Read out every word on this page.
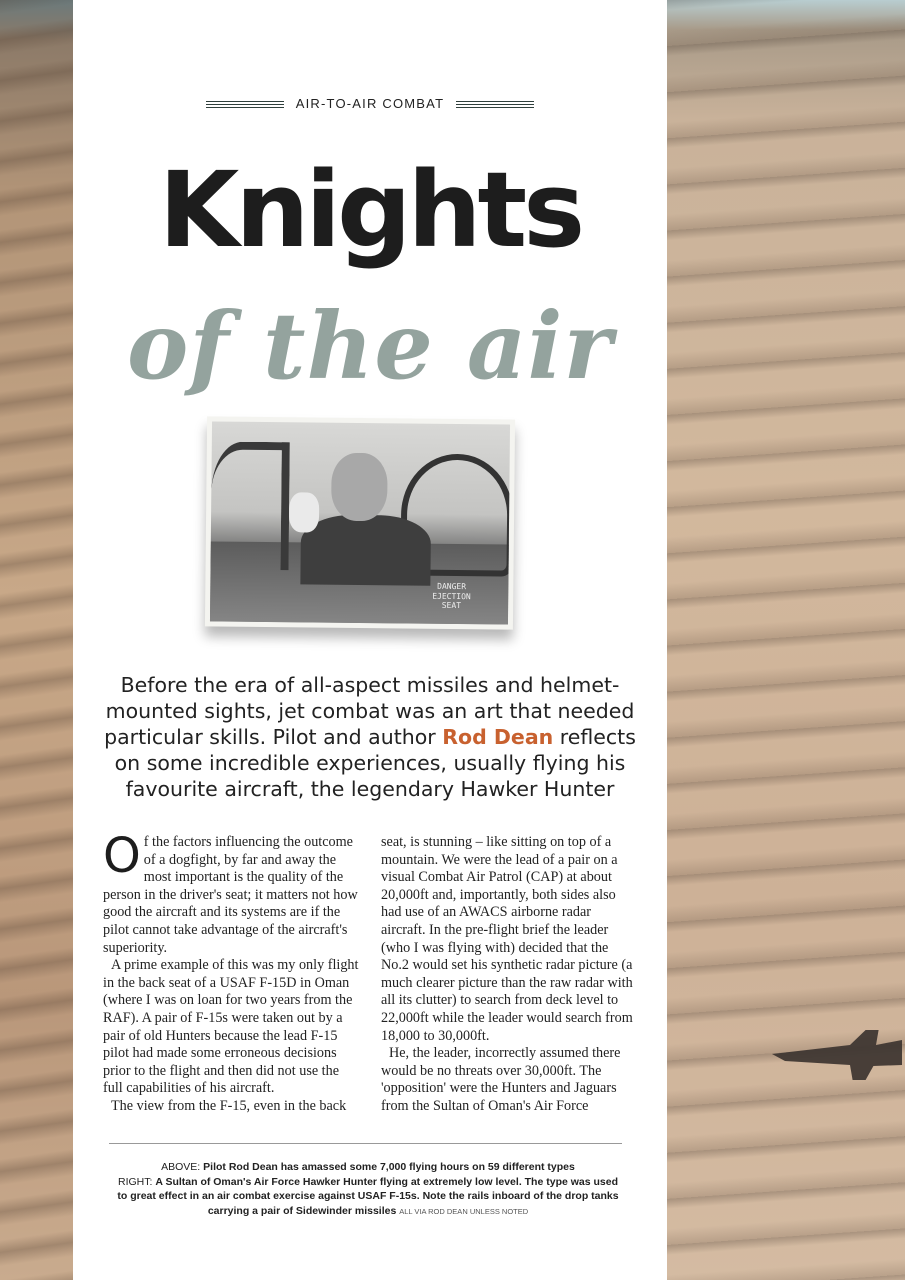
AIR-TO-AIR COMBAT
Knights
of the air
DANGER
EJECTION
SEAT
Before the era of all-aspect missiles and helmet-mounted sights, jet combat was an art that needed particular skills. Pilot and author Rod Dean reflects on some incredible experiences, usually flying his favourite aircraft, the legendary Hawker Hunter

Of the factors influencing the outcome of a dogfight, by far and away the most important is the quality of the person in the driver's seat; it matters not how good the aircraft and its systems are if the pilot cannot take advantage of the aircraft's superiority.

A prime example of this was my only flight in the back seat of a USAF F-15D in Oman (where I was on loan for two years from the RAF). A pair of F-15s were taken out by a pair of old Hunters because the lead F-15 pilot had made some erroneous decisions prior to the flight and then did not use the full capabilities of his aircraft.

The view from the F-15, even in the back

seat, is stunning – like sitting on top of a mountain. We were the lead of a pair on a visual Combat Air Patrol (CAP) at about 20,000ft and, importantly, both sides also had use of an AWACS airborne radar aircraft. In the pre-flight brief the leader (who I was flying with) decided that the No.2 would set his synthetic radar picture (a much clearer picture than the raw radar with all its clutter) to search from deck level to 22,000ft while the leader would search from 18,000 to 30,000ft.

He, the leader, incorrectly assumed there would be no threats over 30,000ft. The 'opposition' were the Hunters and Jaguars from the Sultan of Oman's Air Force

ABOVE: Pilot Rod Dean has amassed some 7,000 flying hours on 59 different types
RIGHT: A Sultan of Oman's Air Force Hawker Hunter flying at extremely low level. The type was used to great effect in an air combat exercise against USAF F-15s. Note the rails inboard of the drop tanks carrying a pair of Sidewinder missiles ALL VIA ROD DEAN UNLESS NOTED
